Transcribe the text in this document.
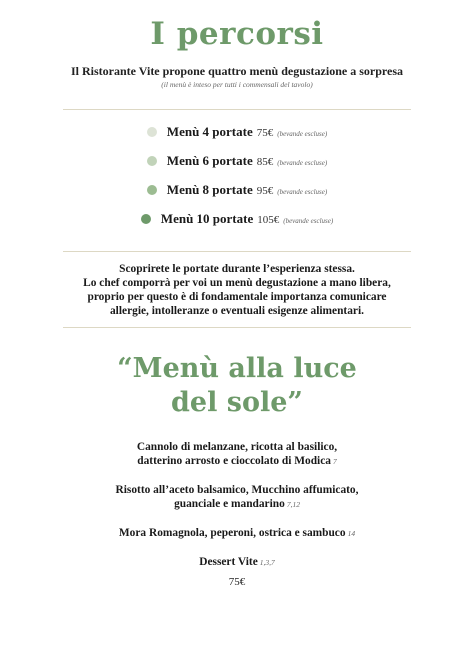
I percorsi
Il Ristorante Vite propone quattro menù degustazione a sorpresa
(il menù è inteso per tutti i commensali del tavolo)
Menù 4 portate 75€ (bevande escluse)
Menù 6 portate 85€ (bevande escluse)
Menù 8 portate 95€ (bevande escluse)
Menù 10 portate 105€ (bevande escluse)
Scoprirete le portate durante l’esperienza stessa.
Lo chef comporrà per voi un menù degustazione a mano libera,
proprio per questo è di fondamentale importanza comunicare
allergie, intolleranze o eventuali esigenze alimentari.
“Menù alla luce
del sole”
Cannolo di melanzane, ricotta al basilico,
datterino arrosto e cioccolato di Modica 7
Risotto all’aceto balsamico, Mucchino affumicato,
guanciale e mandarino 7,12
Mora Romagnola, peperoni, ostrica e sambuco 14
Dessert Vite 1,3,7
75€
